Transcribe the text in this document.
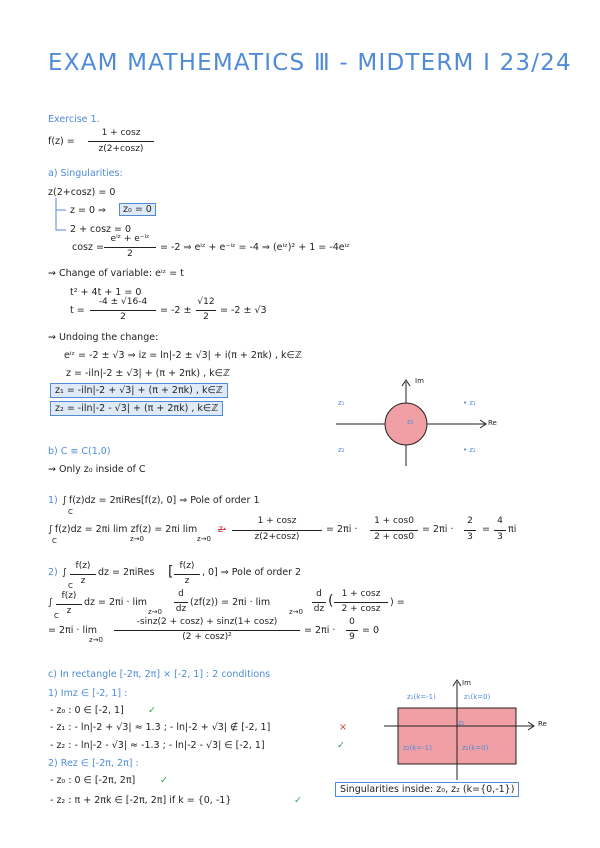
EXAM MATHEMATICS Ⅲ - MIDTERM I 23/24
Exercise 1.
f(z) =
1 + cosz
z(2+cosz)
a) Singularities:
z(2+cosz) = 0
z = 0 ⇒	z₀ = 0
2 + cosz = 0
cosz =
eⁱᶻ + e⁻ⁱᶻ
2
= -2 ⇒ eⁱᶻ + e⁻ⁱᶻ = -4 ⇒ (eⁱᶻ)² + 1 = -4eⁱᶻ
⇝ Change of variable: eⁱᶻ = t
t² + 4t + 1 = 0
t =
-4 ± √16-4
2
= -2 ±
√12
2
= -2 ± √3
⇝ Undoing the change:
eⁱᶻ = -2 ± √3 ⇒ iz = ln|-2 ± √3| + i(π + 2πk) , k∈ℤ
z = -iln|-2 ± √3| + (π + 2πk) , k∈ℤ
z₁ = -iln|-2 + √3| + (π + 2πk) , k∈ℤ
z₂ = -iln|-2 - √3| + (π + 2πk) , k∈ℤ
Im
Re
z₀
z₁
z₂
• z₁
• z₂
b) C ≡ C(1,0)
⇝ Only z₀ inside of C
1) ∫ f(z)dz = 2πiRes[f(z), 0] ⇒ Pole of order 1
C
∫ f(z)dz = 2πi lim zf(z) = 2πi lim
z→0	z→0
z·
1 + cosz
z(2+cosz)
= 2πi ·
1 + cos0
2 + cos0
= 2πi ·
2
3
=
4
3
πi
C
2) ∫
f(z)
z
dz = 2πiRes [ f(z)
z
, 0] ⇒ Pole of order 2
C
∫
f(z)
z
dz = 2πi · lim
z→0
d
dz
(zf(z)) = 2πi · lim
z→0
d
dz ( 1 + cosz
2 + cosz
) =
C
= 2πi · lim
z→0
-sinz(2 + cosz) + sinz(1+ cosz)
(2 + cosz)²
= 2πi ·
0
9
= 0
c) In rectangle [-2π, 2π] × [-2, 1] : 2 conditions
1) Imz ∈ [-2, 1] :
- z₀ : 0 ∈ [-2, 1]	✓
- z₁ : - ln|-2 + √3| ≈ 1.3 ; - ln|-2 + √3| ∉ [-2, 1]	×
- z₂ : - ln|-2 - √3| ≈ -1.3 ; - ln|-2 - √3| ∈ [-2, 1]	✓
2) Rez ∈ [-2π, 2π] :
- z₀ : 0 ∈ [-2π, 2π]	✓
- z₂ : π + 2πk ∈ [-2π, 2π] if k = {0, -1}	✓
Im
Re
z₀
z₁(k=-1)	z₁(k=0)
z₂(k=-1)	z₂(k=0)
Singularities inside: z₀, z₂ (k={0,-1})
